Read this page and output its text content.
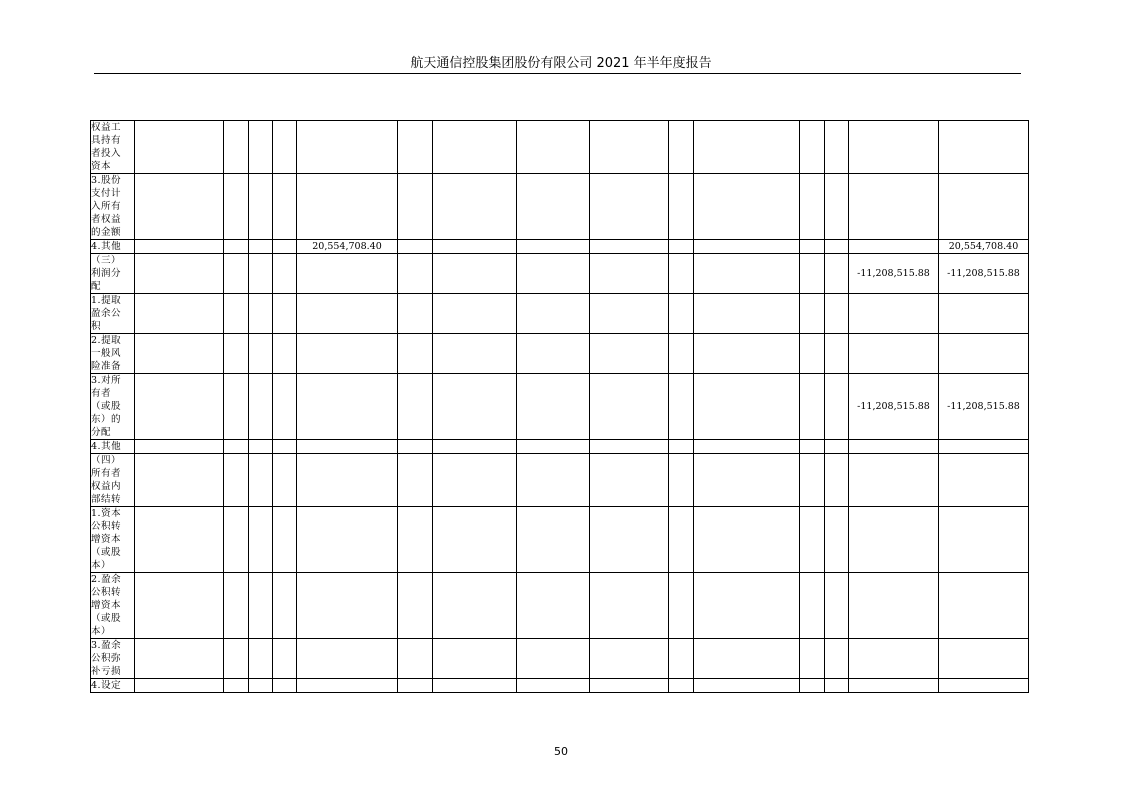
航天通信控股集团股份有限公司 2021 年半年度报告
权益工具持有者投入资本															

3.股份支付计入所有者权益的金额															

4.其他					20,554,708.40										20,554,708.40

（三）利润分配														-11,208,515.88	-11,208,515.88

1.提取盈余公积															

2.提取一般风险准备															

3.对所有者（或股东）的分配														-11,208,515.88	-11,208,515.88

4.其他															

（四）所有者权益内部结转															

1.资本公积转增资本（或股本）															

2.盈余公积转增资本（或股本）															

3.盈余公积弥补亏损															

4.设定															

50
